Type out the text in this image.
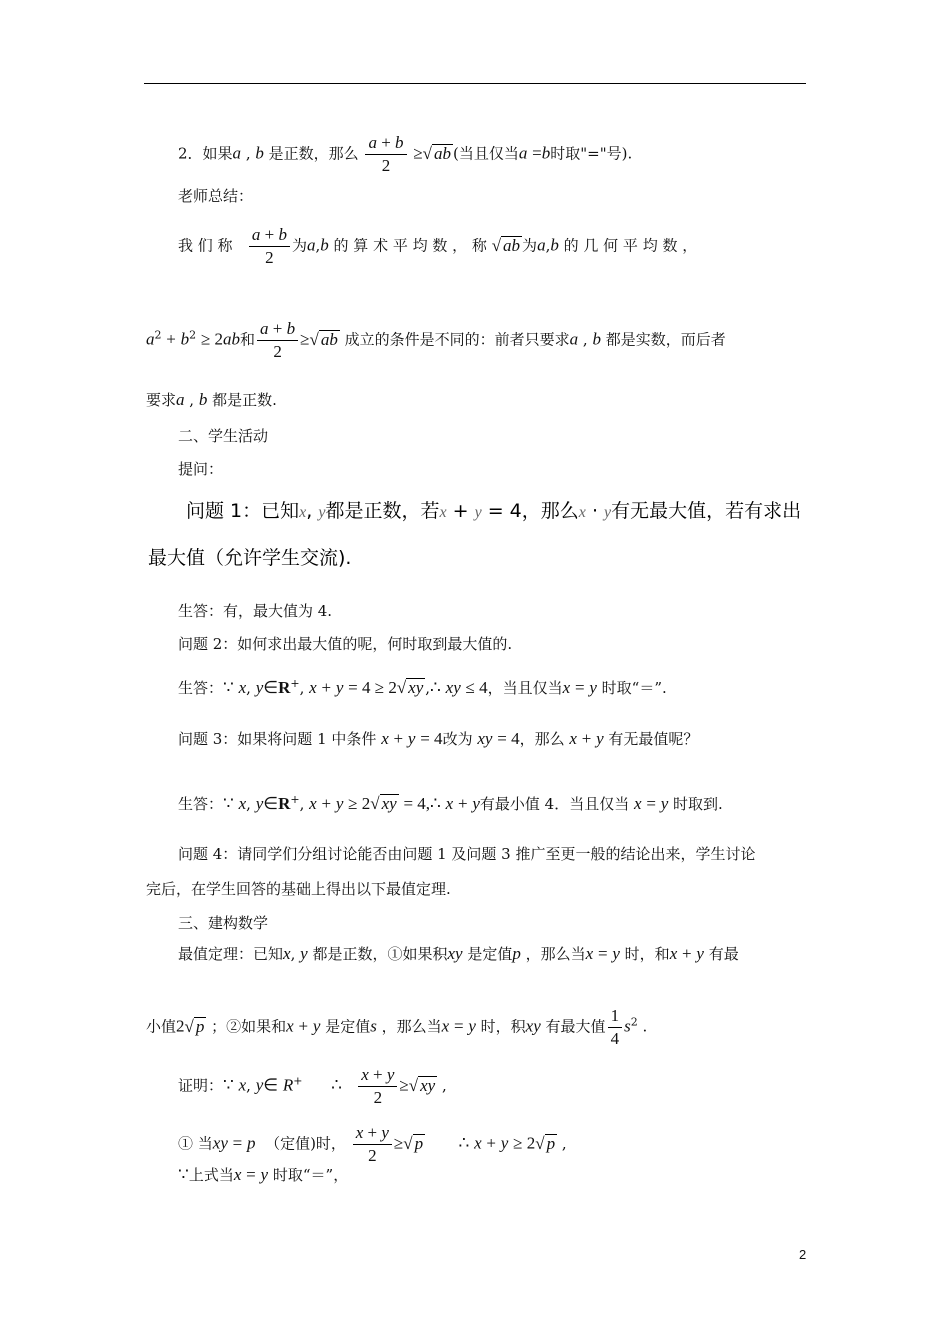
2．如果a , b 是正数，那么 $\frac{a + b}{2}$ ≥√ ab (当且仅当a =b时取"="号).
老师总结：
我 们 称 $\frac{a + b}{2}$ 为a,b 的 算 术 平 均 数 ， 称 √ ab 为a,b 的 几 何 平 均 数 ，
$a^2 + b^2 \ge 2ab$和 $\frac{a + b}{2}$ ≥√ ab 成立的条件是不同的：前者只要求a , b 都是实数，而后者
要求a , b 都是正数.
二、学生活动
提问：
问题 1：已知x, y都是正数，若x + y = 4，那么x · y有无最大值，若有求出
最大值（允许学生交流).
生答：有，最大值为 4.
问题 2：如何求出最大值的呢，何时取到最大值的.
生答：∵ x, y∈R+, x + y = 4 ≥ 2√ xy ,∴ xy ≤ 4，当且仅当x = y 时取“＝”.
问题 3：如果将问题 1 中条件 x + y = 4改为 xy = 4，那么 x + y 有无最值呢？
生答：∵ x, y∈R+, x + y ≥ 2√ xy = 4,∴ x + y有最小值 4．当且仅当 x = y 时取到.
问题 4：请同学们分组讨论能否由问题 1 及问题 3 推广至更一般的结论出来，学生讨论
完后，在学生回答的基础上得出以下最值定理.
三、建构数学
最值定理：已知x, y 都是正数，①如果积xy 是定值p ，那么当x = y 时，和x + y 有最
小值2√ p ；②如果和x + y 是定值s ，那么当x = y 时，积xy 有最大值 $\frac{1}{4} s^2$ .
证明：∵ x, y∈ R+ ∴ $\frac{x + y}{2}$ ≥√ xy ,
① 当xy = p （定值)时， $\frac{x + y}{2}$ ≥√ p ∴ x + y ≥ 2√ p ,
∵上式当x = y 时取“＝”，
2
